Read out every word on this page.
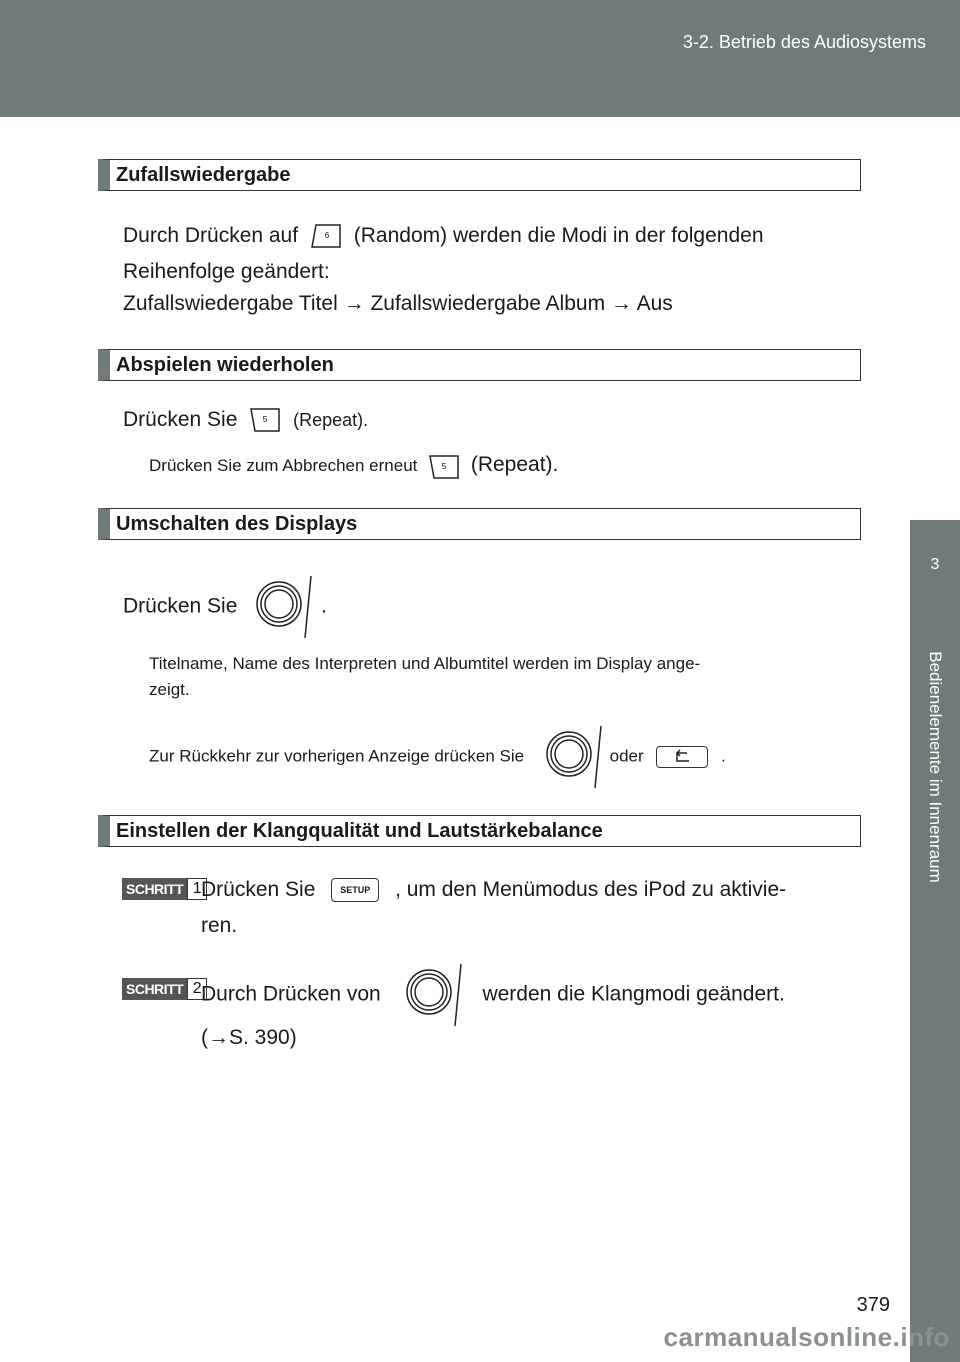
3-2. Betrieb des Audiosystems
3
Bedienelemente im Innenraum
Zufallswiedergabe
Durch Drücken auf	6 (Random) werden die Modi in der folgenden
Reihenfolge geändert:
Zufallswiedergabe Titel → Zufallswiedergabe Album → Aus
Abspielen wiederholen
Drücken Sie	5 (Repeat).
Drücken Sie zum Abbrechen erneut	5 (Repeat).
Umschalten des Displays
Drücken Sie	.
Titelname, Name des Interpreten und Albumtitel werden im Display ange-
zeigt.
Zur Rückkehr zur vorherigen Anzeige drücken Sie	oder	.
Einstellen der Klangqualität und Lautstärkebalance
SCHRITT 1 Drücken Sie	SETUP , um den Menümodus des iPod zu aktivie-
ren.
SCHRITT 2 Durch Drücken von	werden die Klangmodi geändert.
(→S. 390)
379
carmanualsonline.info
